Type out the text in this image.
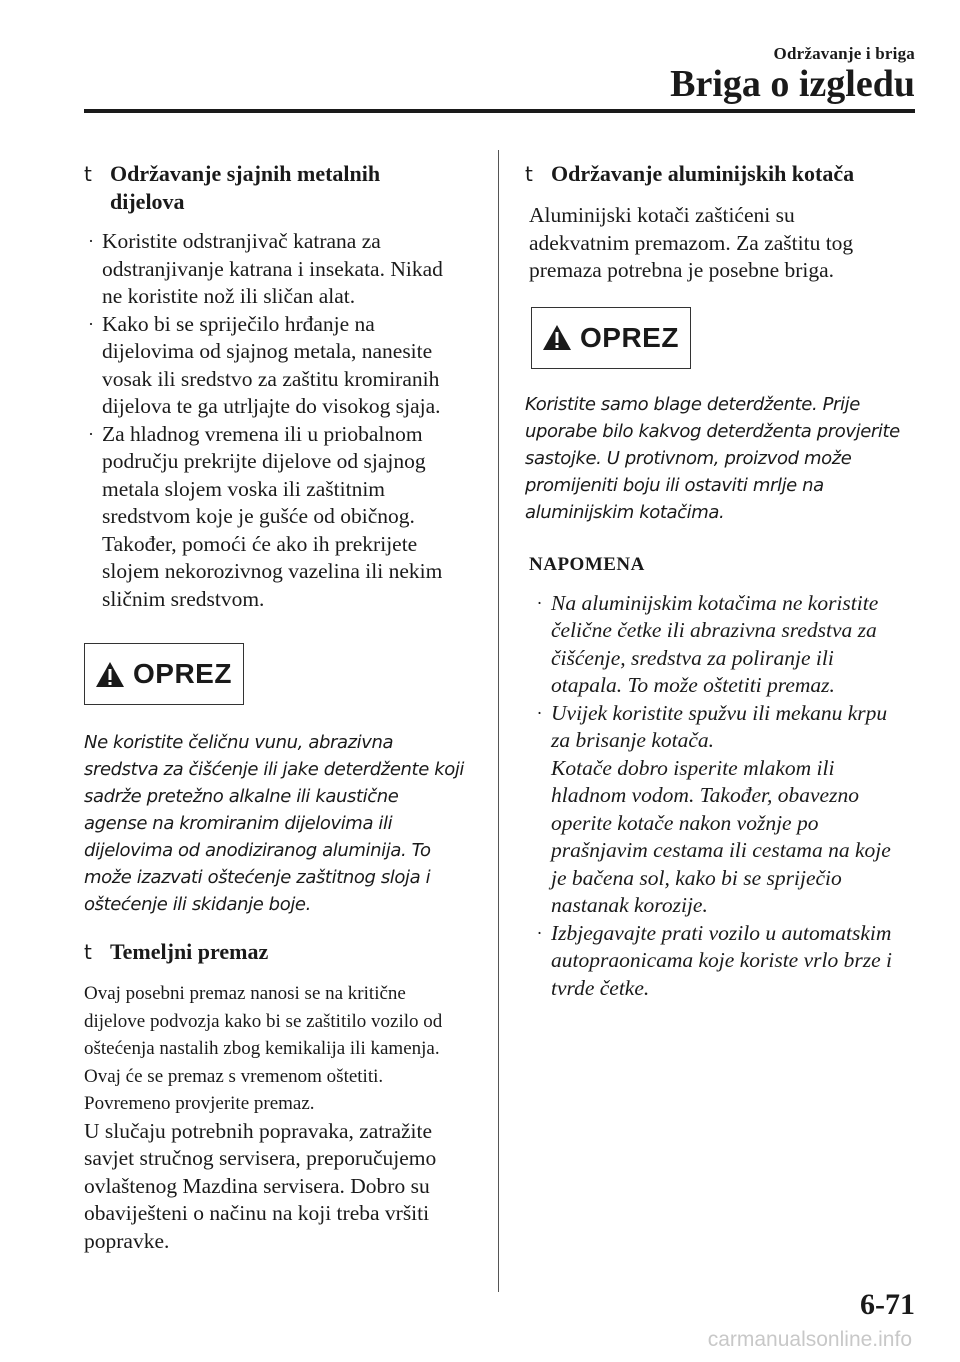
Održavanje i briga
Briga o izgledu
t Održavanje sjajnih metalnih
dijelova
· Koristite odstranjivač katrana za
odstranjivanje katrana i insekata. Nikad
ne koristite nož ili sličan alat.
· Kako bi se spriječilo hrđanje na
dijelovima od sjajnog metala, nanesite
vosak ili sredstvo za zaštitu kromiranih
dijelova te ga utrljajte do visokog sjaja.
· Za hladnog vremena ili u priobalnom
području prekrijte dijelove od sjajnog
metala slojem voska ili zaštitnim
sredstvom koje je gušće od običnog.
Također, pomoći će ako ih prekrijete
slojem nekorozivnog vazelina ili nekim
sličnim sredstvom.
OPREZ
Ne koristite čeličnu vunu, abrazivna
sredstva za čišćenje ili jake deterdžente koji
sadrže pretežno alkalne ili kaustične
agense na kromiranim dijelovima ili
dijelovima od anodiziranog aluminija. To
može izazvati oštećenje zaštitnog sloja i
oštećenje ili skidanje boje.
t Temeljni premaz
Ovaj posebni premaz nanosi se na kritične
dijelove podvozja kako bi se zaštitilo vozilo od
oštećenja nastalih zbog kemikalija ili kamenja.
Ovaj će se premaz s vremenom oštetiti.
Povremeno provjerite premaz.
U slučaju potrebnih popravaka, zatražite
savjet stručnog servisera, preporučujemo
ovlaštenog Mazdina servisera. Dobro su
obaviješteni o načinu na koji treba vršiti
popravke.
t Održavanje aluminijskih kotača
Aluminijski kotači zaštićeni su
adekvatnim premazom. Za zaštitu tog
premaza potrebna je posebne briga.
OPREZ
Koristite samo blage deterdžente. Prije
uporabe bilo kakvog deterdženta provjerite
sastojke. U protivnom, proizvod može
promijeniti boju ili ostaviti mrlje na
aluminijskim kotačima.
NAPOMENA
· Na aluminijskim kotačima ne koristite
čelične četke ili abrazivna sredstva za
čišćenje, sredstva za poliranje ili
otapala. To može oštetiti premaz.
· Uvijek koristite spužvu ili mekanu krpu
za brisanje kotača.
Kotače dobro isperite mlakom ili
hladnom vodom. Također, obavezno
operite kotače nakon vožnje po
prašnjavim cestama ili cestama na koje
je bačena sol, kako bi se spriječio
nastanak korozije.
· Izbjegavajte prati vozilo u automatskim
autopraonicama koje koriste vrlo brze i
tvrde četke.
6-71
carmanualsonline.info
